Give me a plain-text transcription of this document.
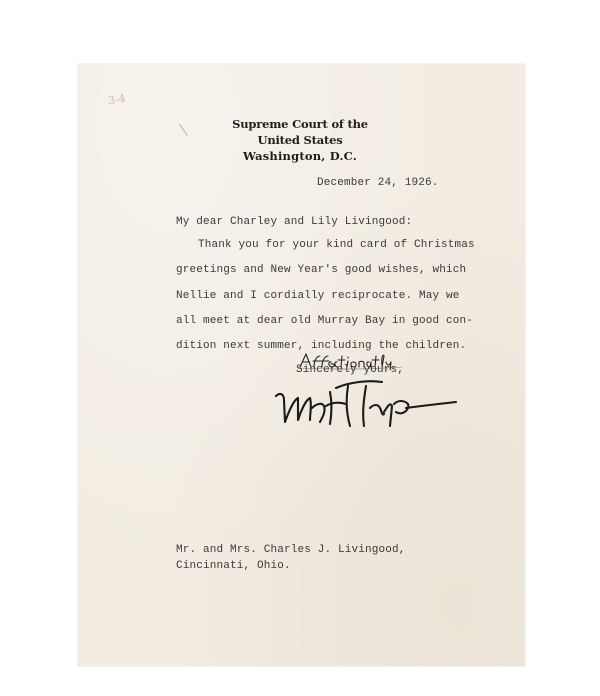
3-4
Supreme Court of the United States
Washington, D.C.
December 24, 1926.
My dear Charley and Lily Livingood:
Thank you for your kind card of Christmas
greetings and New Year's good wishes, which
Nellie and I cordially reciprocate. May we
all meet at dear old Murray Bay in good con-
dition next summer, including the children.
Sincerely yours,
Mr. and Mrs. Charles J. Livingood,
Cincinnati, Ohio.
